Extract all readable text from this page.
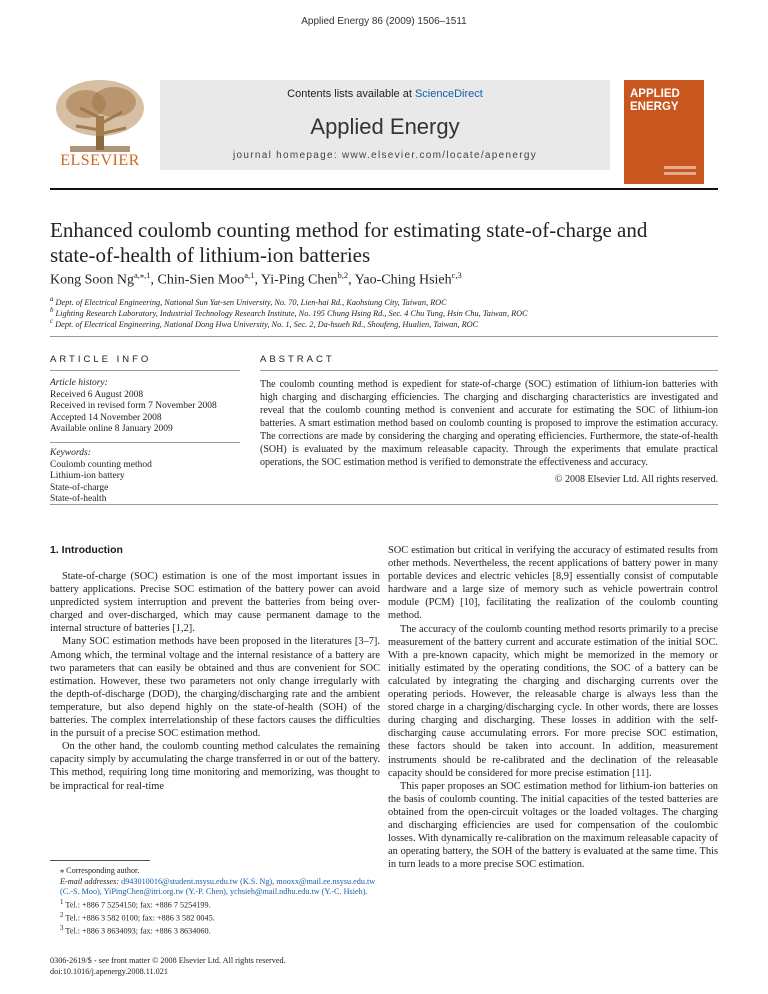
Applied Energy 86 (2009) 1506–1511
Contents lists available at ScienceDirect
Applied Energy
journal homepage: www.elsevier.com/locate/apenergy
ELSEVIER
APPLIED
ENERGY
Enhanced coulomb counting method for estimating state-of-charge and state-of-health of lithium-ion batteries
Kong Soon $Ng^{a,⁎,1}$, Chin-Sien Moo$^{a,1}$, Yi-Ping Chen$^{b,2}$, Yao-Ching Hsieh$^{c,3}$
$^a$ Dept. of Electrical Engineering, National Sun Yat-sen University, No. 70, Lien-hai Rd., Kaohsiung City, Taiwan, ROC
$^b$ Lighting Research Laboratory, Industrial Technology Research Institute, No. 195 Chung Hsing Rd., Sec. 4 Chu Tung, Hsin Chu, Taiwan, ROC
$^c$ Dept. of Electrical Engineering, National Dong Hwa University, No. 1, Sec. 2, Da-hsueh Rd., Shoufeng, Hualien, Taiwan, ROC
ARTICLE INFO
Article history:
Received 6 August 2008
Received in revised form 7 November 2008
Accepted 14 November 2008
Available online 8 January 2009
Keywords:
Coulomb counting method
Lithium-ion battery
State-of-charge
State-of-health
ABSTRACT
The coulomb counting method is expedient for state-of-charge (SOC) estimation of lithium-ion batteries with high charging and discharging efficiencies. The charging and discharging characteristics are investigated and reveal that the coulomb counting method is convenient and accurate for estimating the SOC of lithium-ion batteries. A smart estimation method based on coulomb counting is proposed to improve the estimation accuracy. The corrections are made by considering the charging and operating efficiencies. Furthermore, the state-of-health (SOH) is evaluated by the maximum releasable capacity. Through the experiments that emulate practical operations, the SOC estimation method is verified to demonstrate the effectiveness and accuracy.
© 2008 Elsevier Ltd. All rights reserved.
1. Introduction

State-of-charge (SOC) estimation is one of the most important issues in battery applications. Precise SOC estimation of the battery power can avoid unpredicted system interruption and prevent the batteries from being over-charged and over-discharged, which may cause permanent damage to the internal structure of batteries [1,2].

Many SOC estimation methods have been proposed in the literatures [3–7]. Among which, the terminal voltage and the internal resistance of a battery are two parameters that can easily be obtained and thus are convenient for SOC estimation. However, these two parameters not only change irregularly with the depth-of-discharge (DOD), the charging/discharging rate and the ambient temperature, but also depend highly on the state-of-health (SOH) of the batteries. The complex interrelationship of these factors causes the difficulties in the pursuit of a precise SOC estimation method.

On the other hand, the coulomb counting method calculates the remaining capacity simply by accumulating the charge transferred in or out of the battery. This method, requiring long time monitoring and memorizing, was thought to be impractical for real-time

SOC estimation but critical in verifying the accuracy of estimated results from other methods. Nevertheless, the recent applications of battery power in many portable devices and electric vehicles [8,9] essentially consist of computable hardware and a large size of memory such as vehicle powertrain control module (PCM) [10], facilitating the realization of the coulomb counting method.

The accuracy of the coulomb counting method resorts primarily to a precise measurement of the battery current and accurate estimation of the initial SOC. With a pre-known capacity, which might be memorized in the memory or initially estimated by the operating conditions, the SOC of a battery can be calculated by integrating the charging and discharging currents over the operating periods. However, the releasable charge is always less than the stored charge in a charging/discharging cycle. In other words, there are losses during charging and discharging. These losses in addition with the self-discharging cause accumulating errors. For more precise SOC estimation, these factors should be taken into account. In addition, measurement instruments should be re-calibrated and the declination of the releasable capacity should be considered for more precise estimation [11].

This paper proposes an SOC estimation method for lithium-ion batteries on the basis of coulomb counting. The initial capacities of the tested batteries are obtained from the open-circuit voltages or the loaded voltages. The charging and discharging efficiencies are used for compensation of the coulombic losses. With dynamically re-calibration on the maximum releasable capacity of an operating battery, the SOH of the battery is evaluated at the same time. This in turn leads to a more precise SOC estimation.

⁎ Corresponding author.
E-mail addresses: d943010016@student.nsysu.edu.tw (K.S. Ng), mooxx@mail.ee.nsysu.edu.tw (C.-S. Moo), YiPingChen@itri.org.tw (Y.-P. Chen), ychsieh@mail.ndhu.edu.tw (Y.-C. Hsieh).
$^1$ Tel.: +886 7 5254150; fax: +886 7 5254199.
$^2$ Tel.: +886 3 582 0100; fax: +886 3 582 0045.
$^3$ Tel.: +886 3 8634093; fax: +886 3 8634060.
0306-2619/$ - see front matter © 2008 Elsevier Ltd. All rights reserved.
doi:10.1016/j.apenergy.2008.11.021
